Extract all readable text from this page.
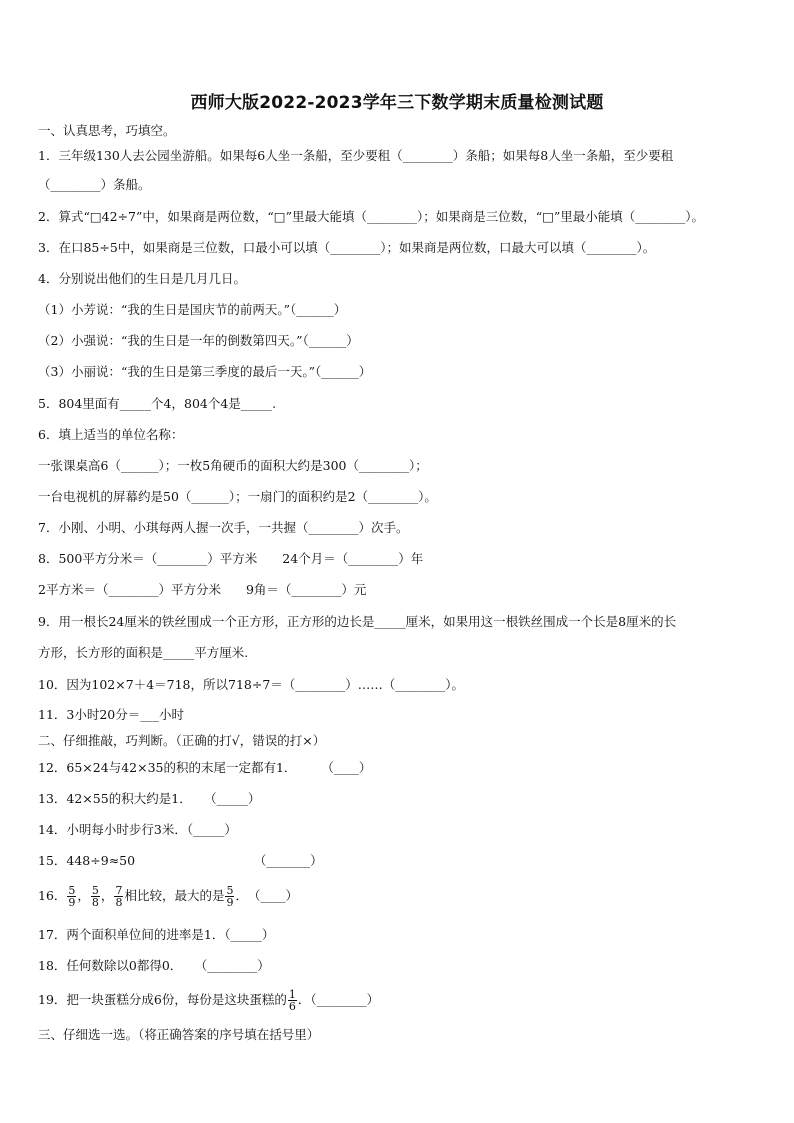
西师大版2022-2023学年三下数学期末质量检测试题
一、认真思考，巧填空。
1．三年级130人去公园坐游船。如果每6人坐一条船，至少要租（________）条船；如果每8人坐一条船，至少要租
（________）条船。
2．算式“□42÷7”中，如果商是两位数，“□”里最大能填（________）；如果商是三位数，“□”里最小能填（________）。
3．在口85÷5中，如果商是三位数，口最小可以填（________）；如果商是两位数，口最大可以填（________）。
4．分别说出他们的生日是几月几日。
（1）小芳说：“我的生日是国庆节的前两天。”（______）
（2）小强说：“我的生日是一年的倒数第四天。”（______）
（3）小丽说：“我的生日是第三季度的最后一天。”（______）
5．804里面有_____个4，804个4是_____.
6．填上适当的单位名称：
一张课桌高6（______）；一枚5角硬币的面积大约是300（________）；
一台电视机的屏幕约是50（______）；一扇门的面积约是2（________）。
7．小刚、小明、小琪每两人握一次手，一共握（________）次手。
8．500平方分米＝（________）平方米　　24个月＝（________）年
2平方米＝（________）平方分米　　9角＝（________）元
9．用一根长24厘米的铁丝围成一个正方形，正方形的边长是_____厘米，如果用这一根铁丝围成一个长是8厘米的长
方形，长方形的面积是_____平方厘米.
10．因为102×7＋4＝718，所以718÷7＝（________）……（________）。
11．3小时20分＝___小时
二、仔细推敲，巧判断。（正确的打√，错误的打×）
12．65×24与42×35的积的末尾一定都有1．　　　（____）
13．42×55的积大约是1．　　（_____）
14．小明每小时步行3米．（_____）
15．448÷9≈50　　　　　　　　　　（_______）
16． $\frac{5}{9}$ ， $\frac{5}{8}$ ， $\frac{7}{8}$ 相比较，最大的是 $\frac{5}{9}$ ．　（____）
17．两个面积单位间的进率是1．（_____）
18．任何数除以0都得0．　　（________）
19．把一块蛋糕分成6份，每份是这块蛋糕的 $\frac{1}{6}$ ．（________）
三、仔细选一选。（将正确答案的序号填在括号里）
